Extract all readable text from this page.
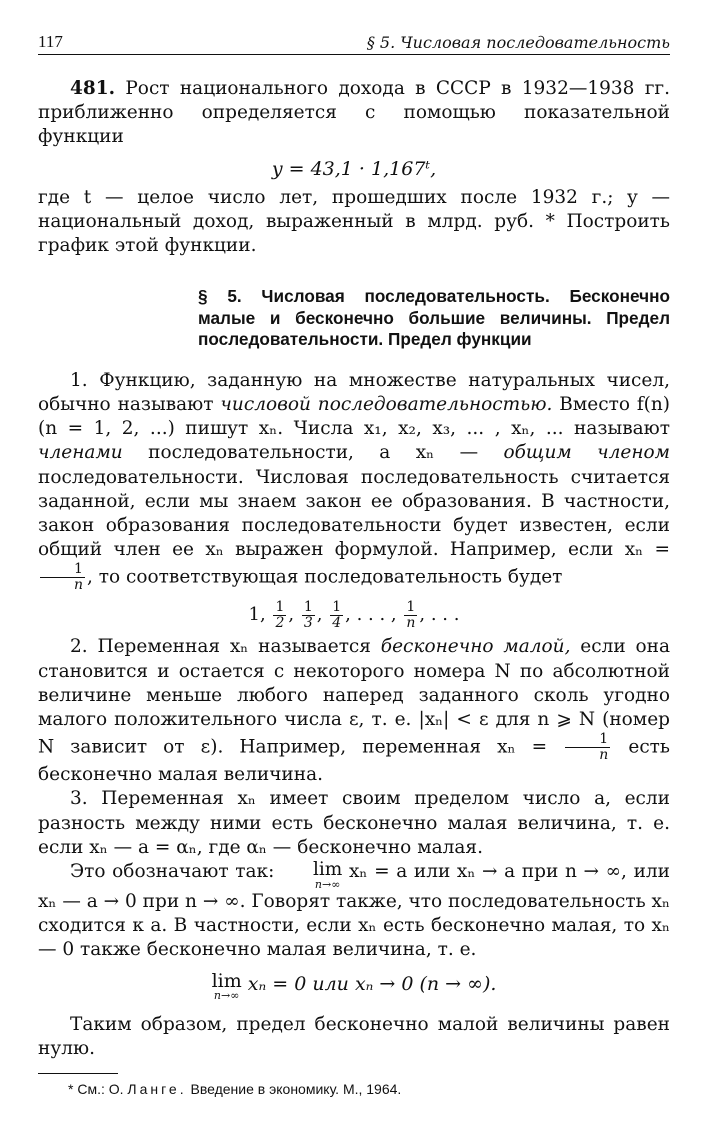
117	§ 5. Числовая последовательность

481. Рост национального дохода в СССР в 1932—1938 гг. приближенно определяется с помощью показательной функции

y = 43,1 · 1,167ᵗ,

где t — целое число лет, прошедших после 1932 г.; y — национальный доход, выраженный в млрд. руб. * Построить график этой функции.

§ 5. Числовая последовательность. Бесконечно малые и бесконечно большие величины. Предел последовательности. Предел функции

1. Функцию, заданную на множестве натуральных чисел, обычно называют числовой последовательностью. Вместо f(n) (n = 1, 2, ...) пишут xₙ. Числа x₁, x₂, x₃, ... , xₙ, ... называют членами последовательности, а xₙ — общим членом последовательности. Числовая последовательность считается заданной, если мы знаем закон ее образования. В частности, закон образования последовательности будет известен, если общий член ее xₙ выражен формулой. Например, если xₙ =
$\frac{1}{n}$ , то соответствующая последовательность будет

1, $\frac{1}{2}$ , $\frac{1}{3}$ , $\frac{1}{4}$ , . . . , $\frac{1}{n}$ , . . .

2. Переменная xₙ называется бесконечно малой, если она становится и остается с некоторого номера N по абсолютной величине меньше любого наперед заданного сколь угодно малого положительного числа ε, т. е. |xₙ| < ε для n ⩾ N (номер N зависит от ε). Например, переменная $x_n = \frac{1}{n}$ есть бесконечно малая величина.

3. Переменная xₙ имеет своим пределом число a, если разность между ними есть бесконечно малая величина, т. е. если xₙ — a = αₙ, где αₙ — бесконечно малая.

Это обозначают так: lim
n→∞
xₙ = a или xₙ → a при n → ∞, или xₙ — a → 0 при n → ∞. Говорят также, что последовательность xₙ сходится к a. В частности, если xₙ есть бесконечно малая, то xₙ — 0 также бесконечно малая величина, т. е.

lim
n→∞
xₙ = 0 или xₙ → 0 (n → ∞).

Таким образом, предел бесконечно малой величины равен нулю.

* См.: О. Ланге. Введение в экономику. М., 1964.
